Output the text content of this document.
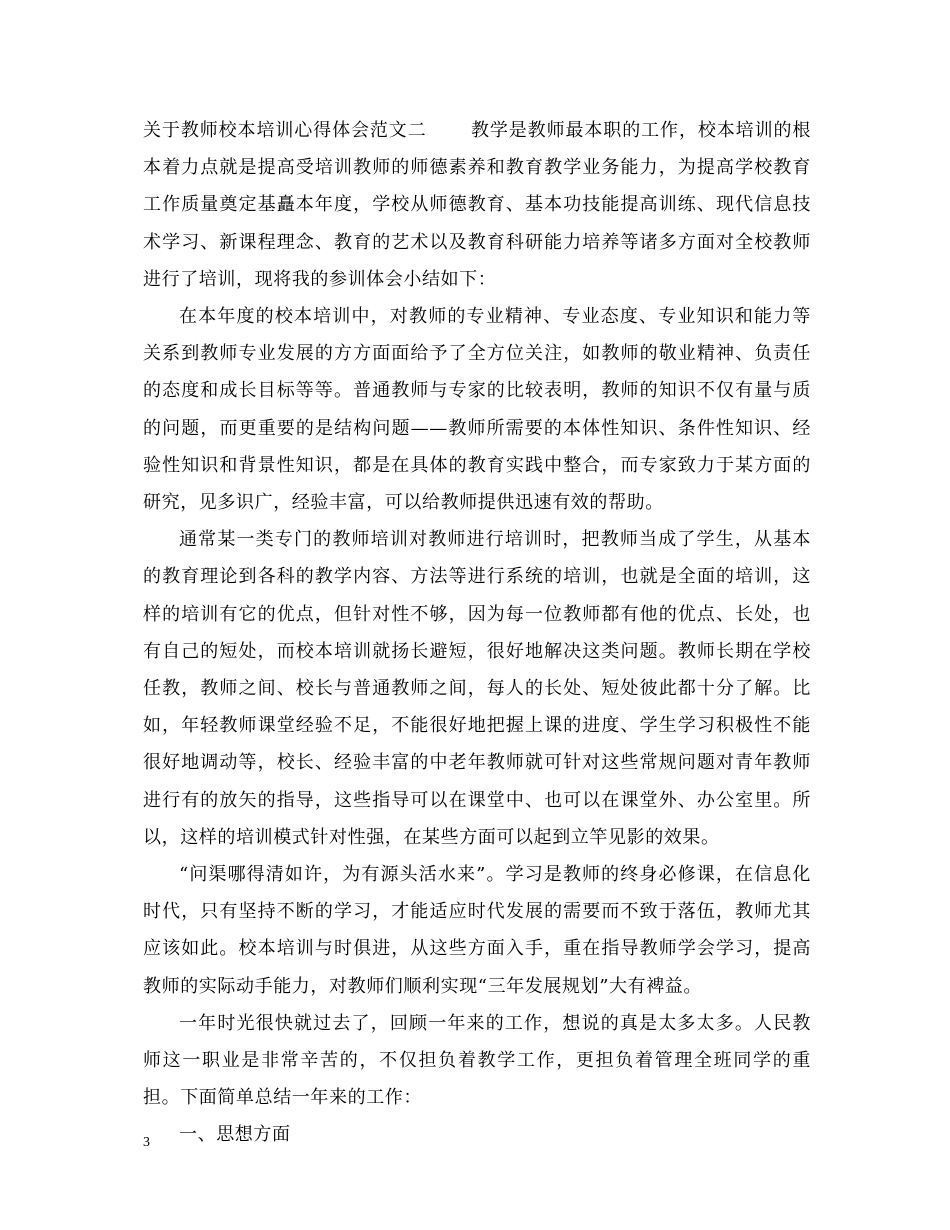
关于教师校本培训心得体会范文二 教学是教师最本职的工作，校本培训的根本着力点就是提高受培训教师的师德素养和教育教学业务能力，为提高学校教育工作质量奠定基矗本年度，学校从师德教育、基本功技能提高训练、现代信息技术学习、新课程理念、教育的艺术以及教育科研能力培养等诸多方面对全校教师进行了培训，现将我的参训体会小结如下：

在本年度的校本培训中，对教师的专业精神、专业态度、专业知识和能力等关系到教师专业发展的方方面面给予了全方位关注，如教师的敬业精神、负责任的态度和成长目标等等。普通教师与专家的比较表明，教师的知识不仅有量与质的问题，而更重要的是结构问题——教师所需要的本体性知识、条件性知识、经验性知识和背景性知识，都是在具体的教育实践中整合，而专家致力于某方面的研究，见多识广，经验丰富，可以给教师提供迅速有效的帮助。

通常某一类专门的教师培训对教师进行培训时，把教师当成了学生，从基本的教育理论到各科的教学内容、方法等进行系统的培训，也就是全面的培训，这样的培训有它的优点，但针对性不够，因为每一位教师都有他的优点、长处，也有自己的短处，而校本培训就扬长避短，很好地解决这类问题。教师长期在学校任教，教师之间、校长与普通教师之间，每人的长处、短处彼此都十分了解。比如，年轻教师课堂经验不足，不能很好地把握上课的进度、学生学习积极性不能很好地调动等，校长、经验丰富的中老年教师就可针对这些常规问题对青年教师进行有的放矢的指导，这些指导可以在课堂中、也可以在课堂外、办公室里。所以，这样的培训模式针对性强，在某些方面可以起到立竿见影的效果。

“问渠哪得清如许，为有源头活水来”。学习是教师的终身必修课，在信息化时代，只有坚持不断的学习，才能适应时代发展的需要而不致于落伍，教师尤其应该如此。校本培训与时俱进，从这些方面入手，重在指导教师学会学习，提高教师的实际动手能力，对教师们顺利实现“三年发展规划”大有裨益。

一年时光很快就过去了，回顾一年来的工作，想说的真是太多太多。人民教师这一职业是非常辛苦的，不仅担负着教学工作，更担负着管理全班同学的重担。下面简单总结一年来的工作：

一、思想方面

3
